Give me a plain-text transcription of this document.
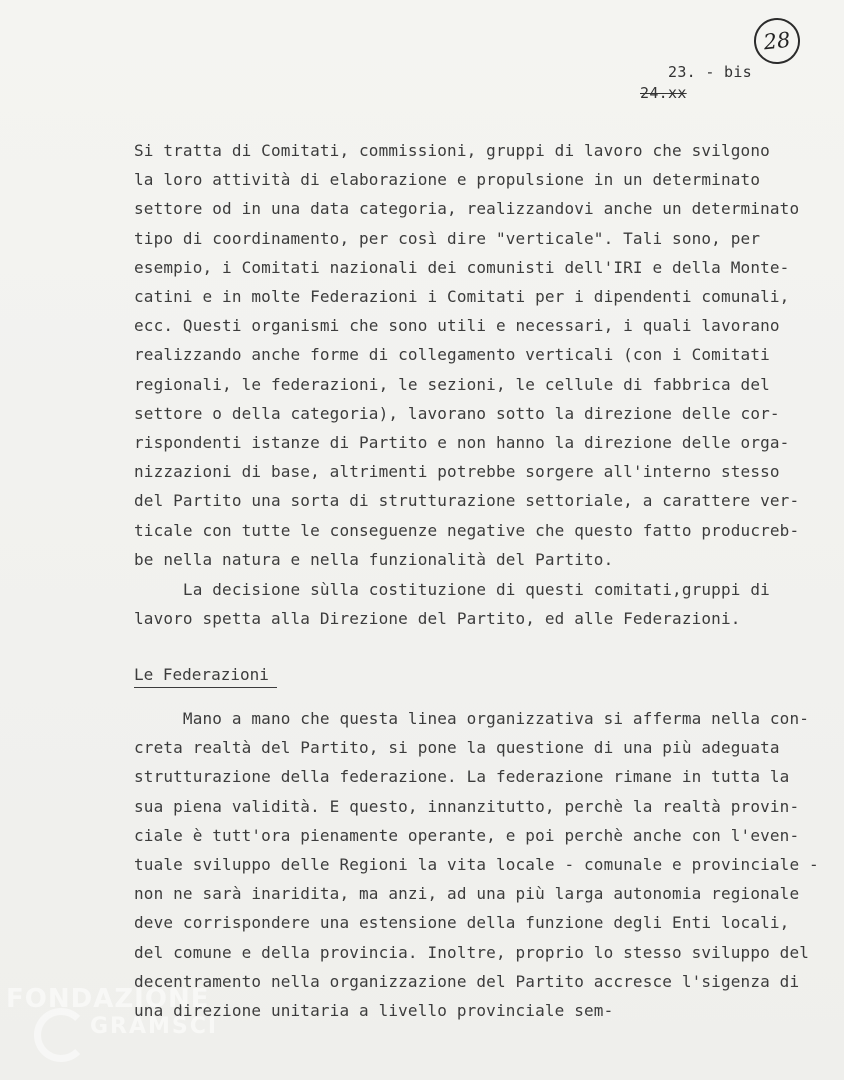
28
23. - bis
24.xx
Si tratta di Comitati, commissioni, gruppi di lavoro che svilgono
la loro attività di elaborazione e propulsione in un determinato
settore od in una data categoria, realizzandovi anche un determinato
tipo di coordinamento, per così dire "verticale". Tali sono, per
esempio, i Comitati nazionali dei comunisti dell'IRI e della Monte-
catini e in molte Federazioni i Comitati per i dipendenti comunali,
ecc. Questi organismi che sono utili e necessari, i quali lavorano
realizzando anche forme di collegamento verticali (con i Comitati
regionali, le federazioni, le sezioni, le cellule di fabbrica del
settore o della categoria), lavorano sotto la direzione delle cor-
rispondenti istanze di Partito e non hanno la direzione delle orga-
nizzazioni di base, altrimenti potrebbe sorgere all'interno stesso
del Partito una sorta di strutturazione settoriale, a carattere ver-
ticale con tutte le conseguenze negative che questo fatto producreb-
be nella natura e nella funzionalità del Partito.
La decisione sùlla costituzione di questi comitati,gruppi di
lavoro spetta alla Direzione del Partito, ed alle Federazioni.
Le Federazioni
Mano a mano che questa linea organizzativa si afferma nella con-
creta realtà del Partito, si pone la questione di una più adeguata
strutturazione della federazione. La federazione rimane in tutta la
sua piena validità. E questo, innanzitutto, perchè la realtà provin-
ciale è tutt'ora pienamente operante, e poi perchè anche con l'even-
tuale sviluppo delle Regioni la vita locale - comunale e provinciale -
non ne sarà inaridita, ma anzi, ad una più larga autonomia regionale
deve corrispondere una estensione della funzione degli Enti locali,
del comune e della provincia. Inoltre, proprio lo stesso sviluppo del
decentramento nella organizzazione del Partito accresce l'sigenza di
una direzione unitaria a livello provinciale sem-
FONDAZIONE
GRAMSCI
